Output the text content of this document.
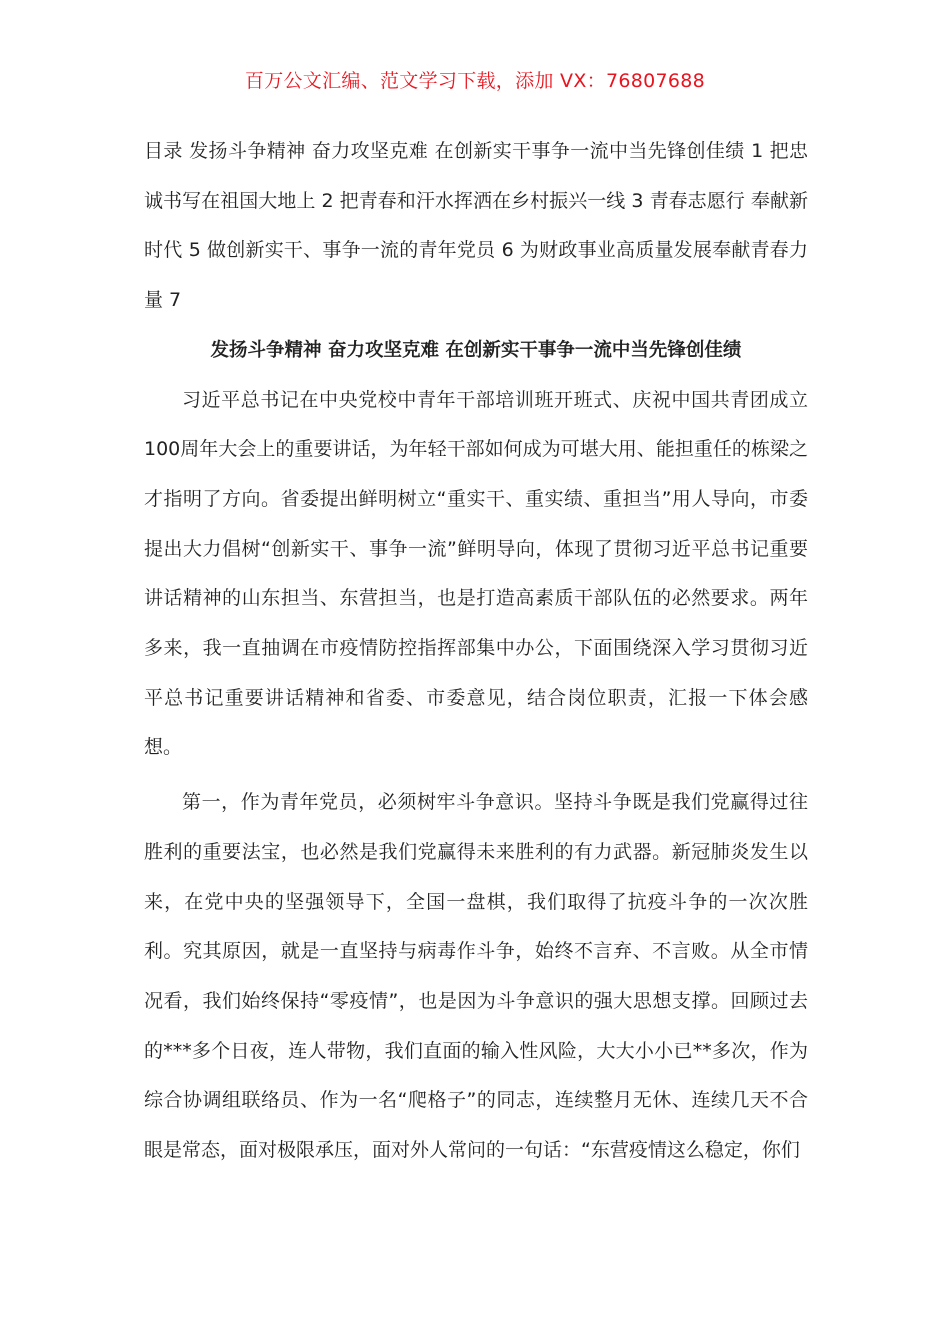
百万公文汇编、范文学习下载，添加 VX：76807688

目录 发扬斗争精神 奋力攻坚克难 在创新实干事争一流中当先锋创佳绩 1 把忠诚书写在祖国大地上 2 把青春和汗水挥洒在乡村振兴一线 3 青春志愿行 奉献新时代 5 做创新实干、事争一流的青年党员 6 为财政事业高质量发展奉献青春力量 7

发扬斗争精神 奋力攻坚克难 在创新实干事争一流中当先锋创佳绩

习近平总书记在中央党校中青年干部培训班开班式、庆祝中国共青团成立100周年大会上的重要讲话，为年轻干部如何成为可堪大用、能担重任的栋梁之才指明了方向。省委提出鲜明树立“重实干、重实绩、重担当”用人导向，市委提出大力倡树“创新实干、事争一流”鲜明导向，体现了贯彻习近平总书记重要讲话精神的山东担当、东营担当，也是打造高素质干部队伍的必然要求。两年多来，我一直抽调在市疫情防控指挥部集中办公，下面围绕深入学习贯彻习近平总书记重要讲话精神和省委、市委意见，结合岗位职责，汇报一下体会感想。

第一，作为青年党员，必须树牢斗争意识。坚持斗争既是我们党赢得过往胜利的重要法宝，也必然是我们党赢得未来胜利的有力武器。新冠肺炎发生以来，在党中央的坚强领导下，全国一盘棋，我们取得了抗疫斗争的一次次胜利。究其原因，就是一直坚持与病毒作斗争，始终不言弃、不言败。从全市情况看，我们始终保持“零疫情”，也是因为斗争意识的强大思想支撑。回顾过去的***多个日夜，连人带物，我们直面的输入性风险，大大小小已**多次，作为综合协调组联络员、作为一名“爬格子”的同志，连续整月无休、连续几天不合眼是常态，面对极限承压，面对外人常问的一句话：“东营疫情这么稳定，你们
